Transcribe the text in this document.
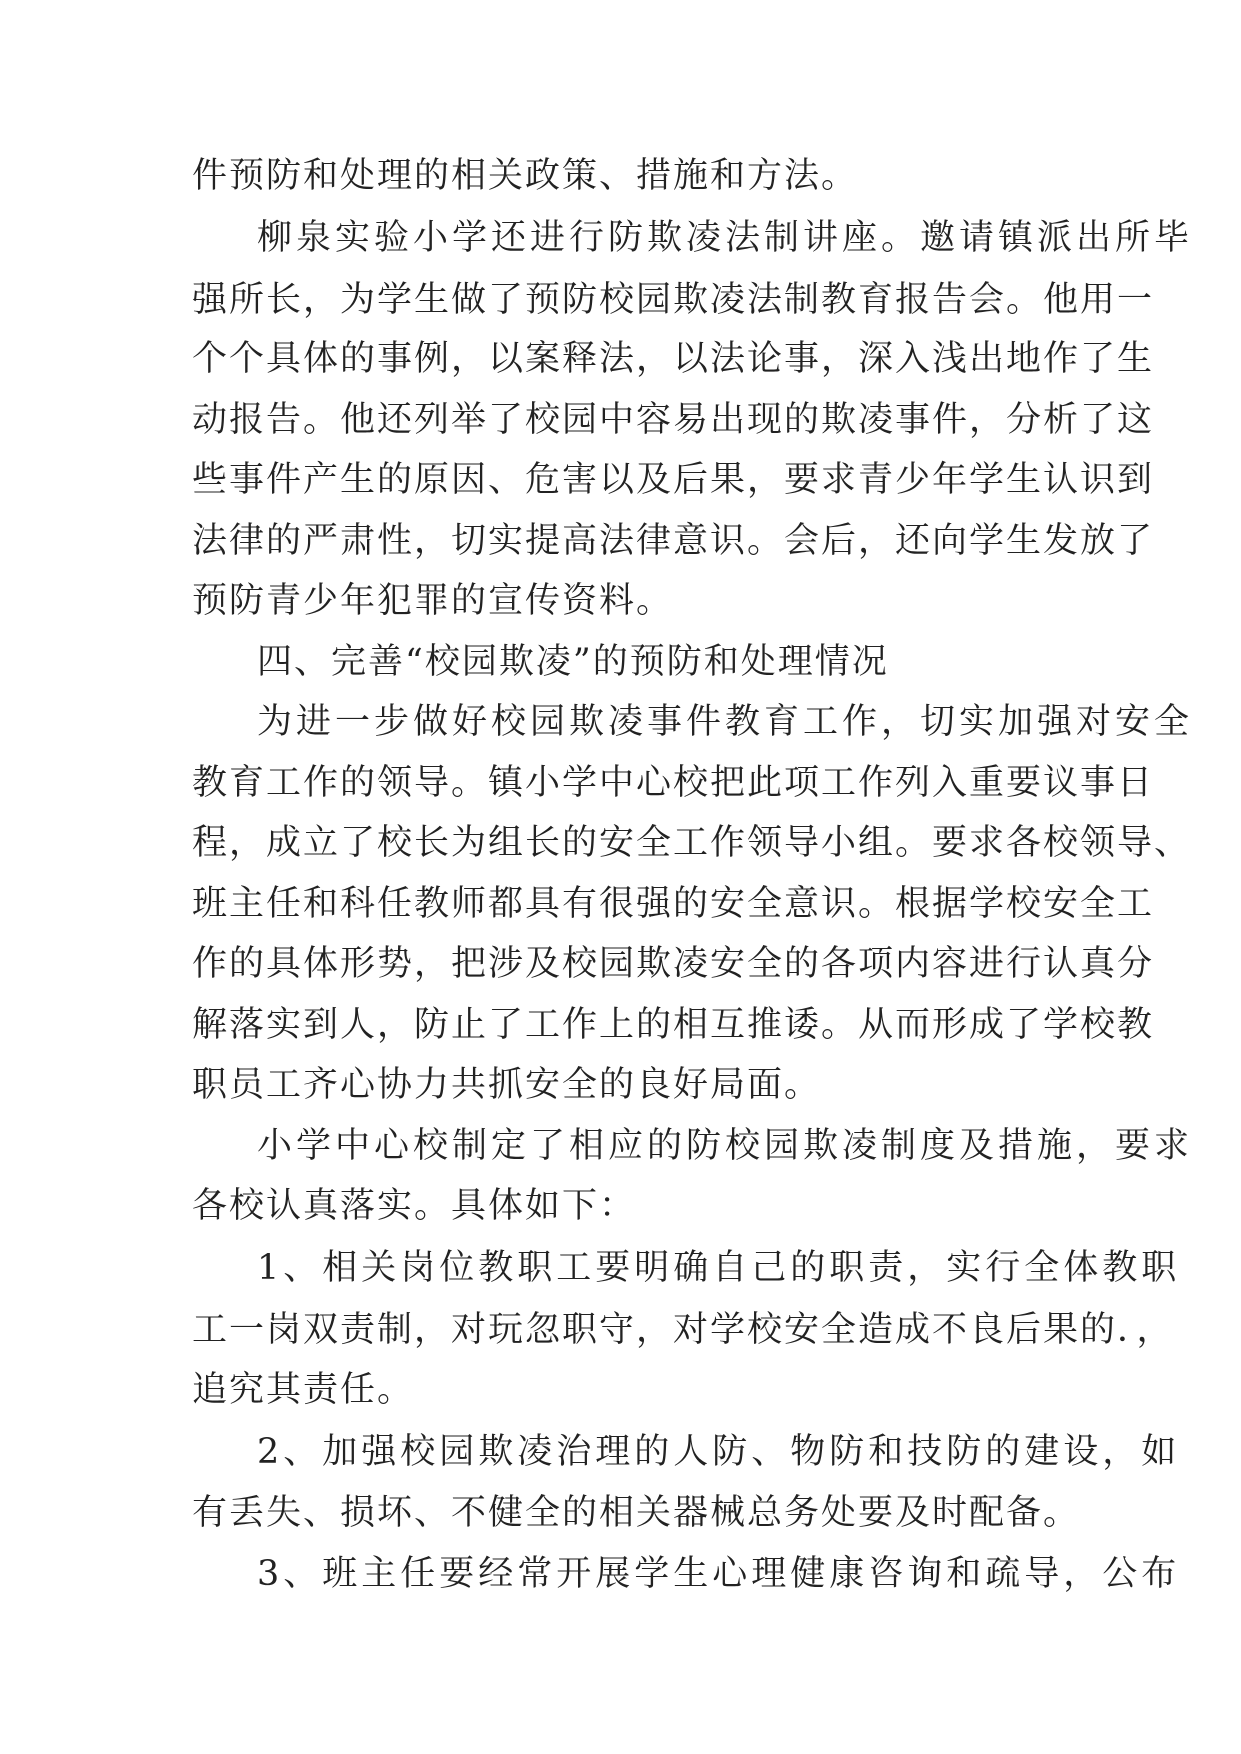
件预防和处理的相关政策、措施和方法。
柳泉实验小学还进行防欺凌法制讲座。邀请镇派出所毕
强所长，为学生做了预防校园欺凌法制教育报告会。他用一
个个具体的事例，以案释法，以法论事，深入浅出地作了生
动报告。他还列举了校园中容易出现的欺凌事件，分析了这
些事件产生的原因、危害以及后果，要求青少年学生认识到
法律的严肃性，切实提高法律意识。会后，还向学生发放了
预防青少年犯罪的宣传资料。
四、完善“校园欺凌”的预防和处理情况
为进一步做好校园欺凌事件教育工作，切实加强对安全
教育工作的领导。镇小学中心校把此项工作列入重要议事日
程，成立了校长为组长的安全工作领导小组。要求各校领导、
班主任和科任教师都具有很强的安全意识。根据学校安全工
作的具体形势，把涉及校园欺凌安全的各项内容进行认真分
解落实到人，防止了工作上的相互推诿。从而形成了学校教
职员工齐心协力共抓安全的良好局面。
小学中心校制定了相应的防校园欺凌制度及措施，要求
各校认真落实。具体如下：
1、相关岗位教职工要明确自己的职责，实行全体教职
工一岗双责制，对玩忽职守，对学校安全造成不良后果的．，
追究其责任。
2、加强校园欺凌治理的人防、物防和技防的建设，如
有丢失、损坏、不健全的相关器械总务处要及时配备。
3、班主任要经常开展学生心理健康咨询和疏导，公布
